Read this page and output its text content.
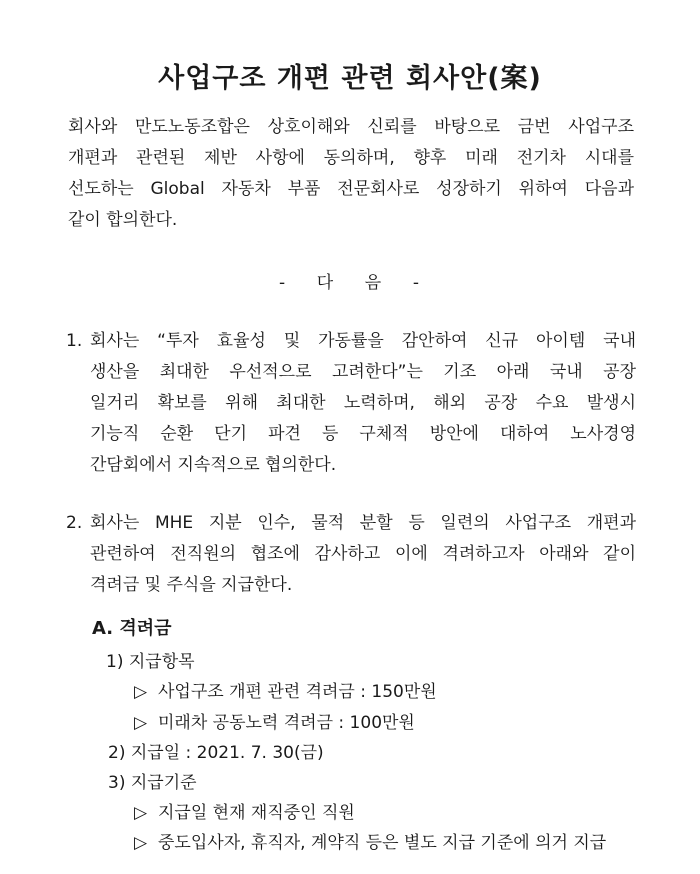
사업구조 개편 관련 회사안(案)
회사와 만도노동조합은 상호이해와 신뢰를 바탕으로 금번 사업구조
개편과 관련된 제반 사항에 동의하며, 향후 미래 전기차 시대를
선도하는 Global 자동차 부품 전문회사로 성장하기 위하여 다음과
같이 합의한다.
-    다    음    -
1. 회사는 “투자 효율성 및 가동률을 감안하여 신규 아이템 국내
생산을 최대한 우선적으로 고려한다”는 기조 아래 국내 공장
일거리 확보를 위해 최대한 노력하며, 해외 공장 수요 발생시
기능직 순환 단기 파견 등 구체적 방안에 대하여 노사경영
간담회에서 지속적으로 협의한다.
2. 회사는 MHE 지분 인수, 물적 분할 등 일련의 사업구조 개편과
관련하여 전직원의 협조에 감사하고 이에 격려하고자 아래와 같이
격려금 및 주식을 지급한다.
A. 격려금
1) 지급항목
▷ 사업구조 개편 관련 격려금 : 150만원
▷ 미래차 공동노력 격려금 : 100만원
2) 지급일 : 2021. 7. 30(금)
3) 지급기준
▷ 지급일 현재 재직중인 직원
▷ 중도입사자, 휴직자, 계약직 등은 별도 지급 기준에 의거 지급
